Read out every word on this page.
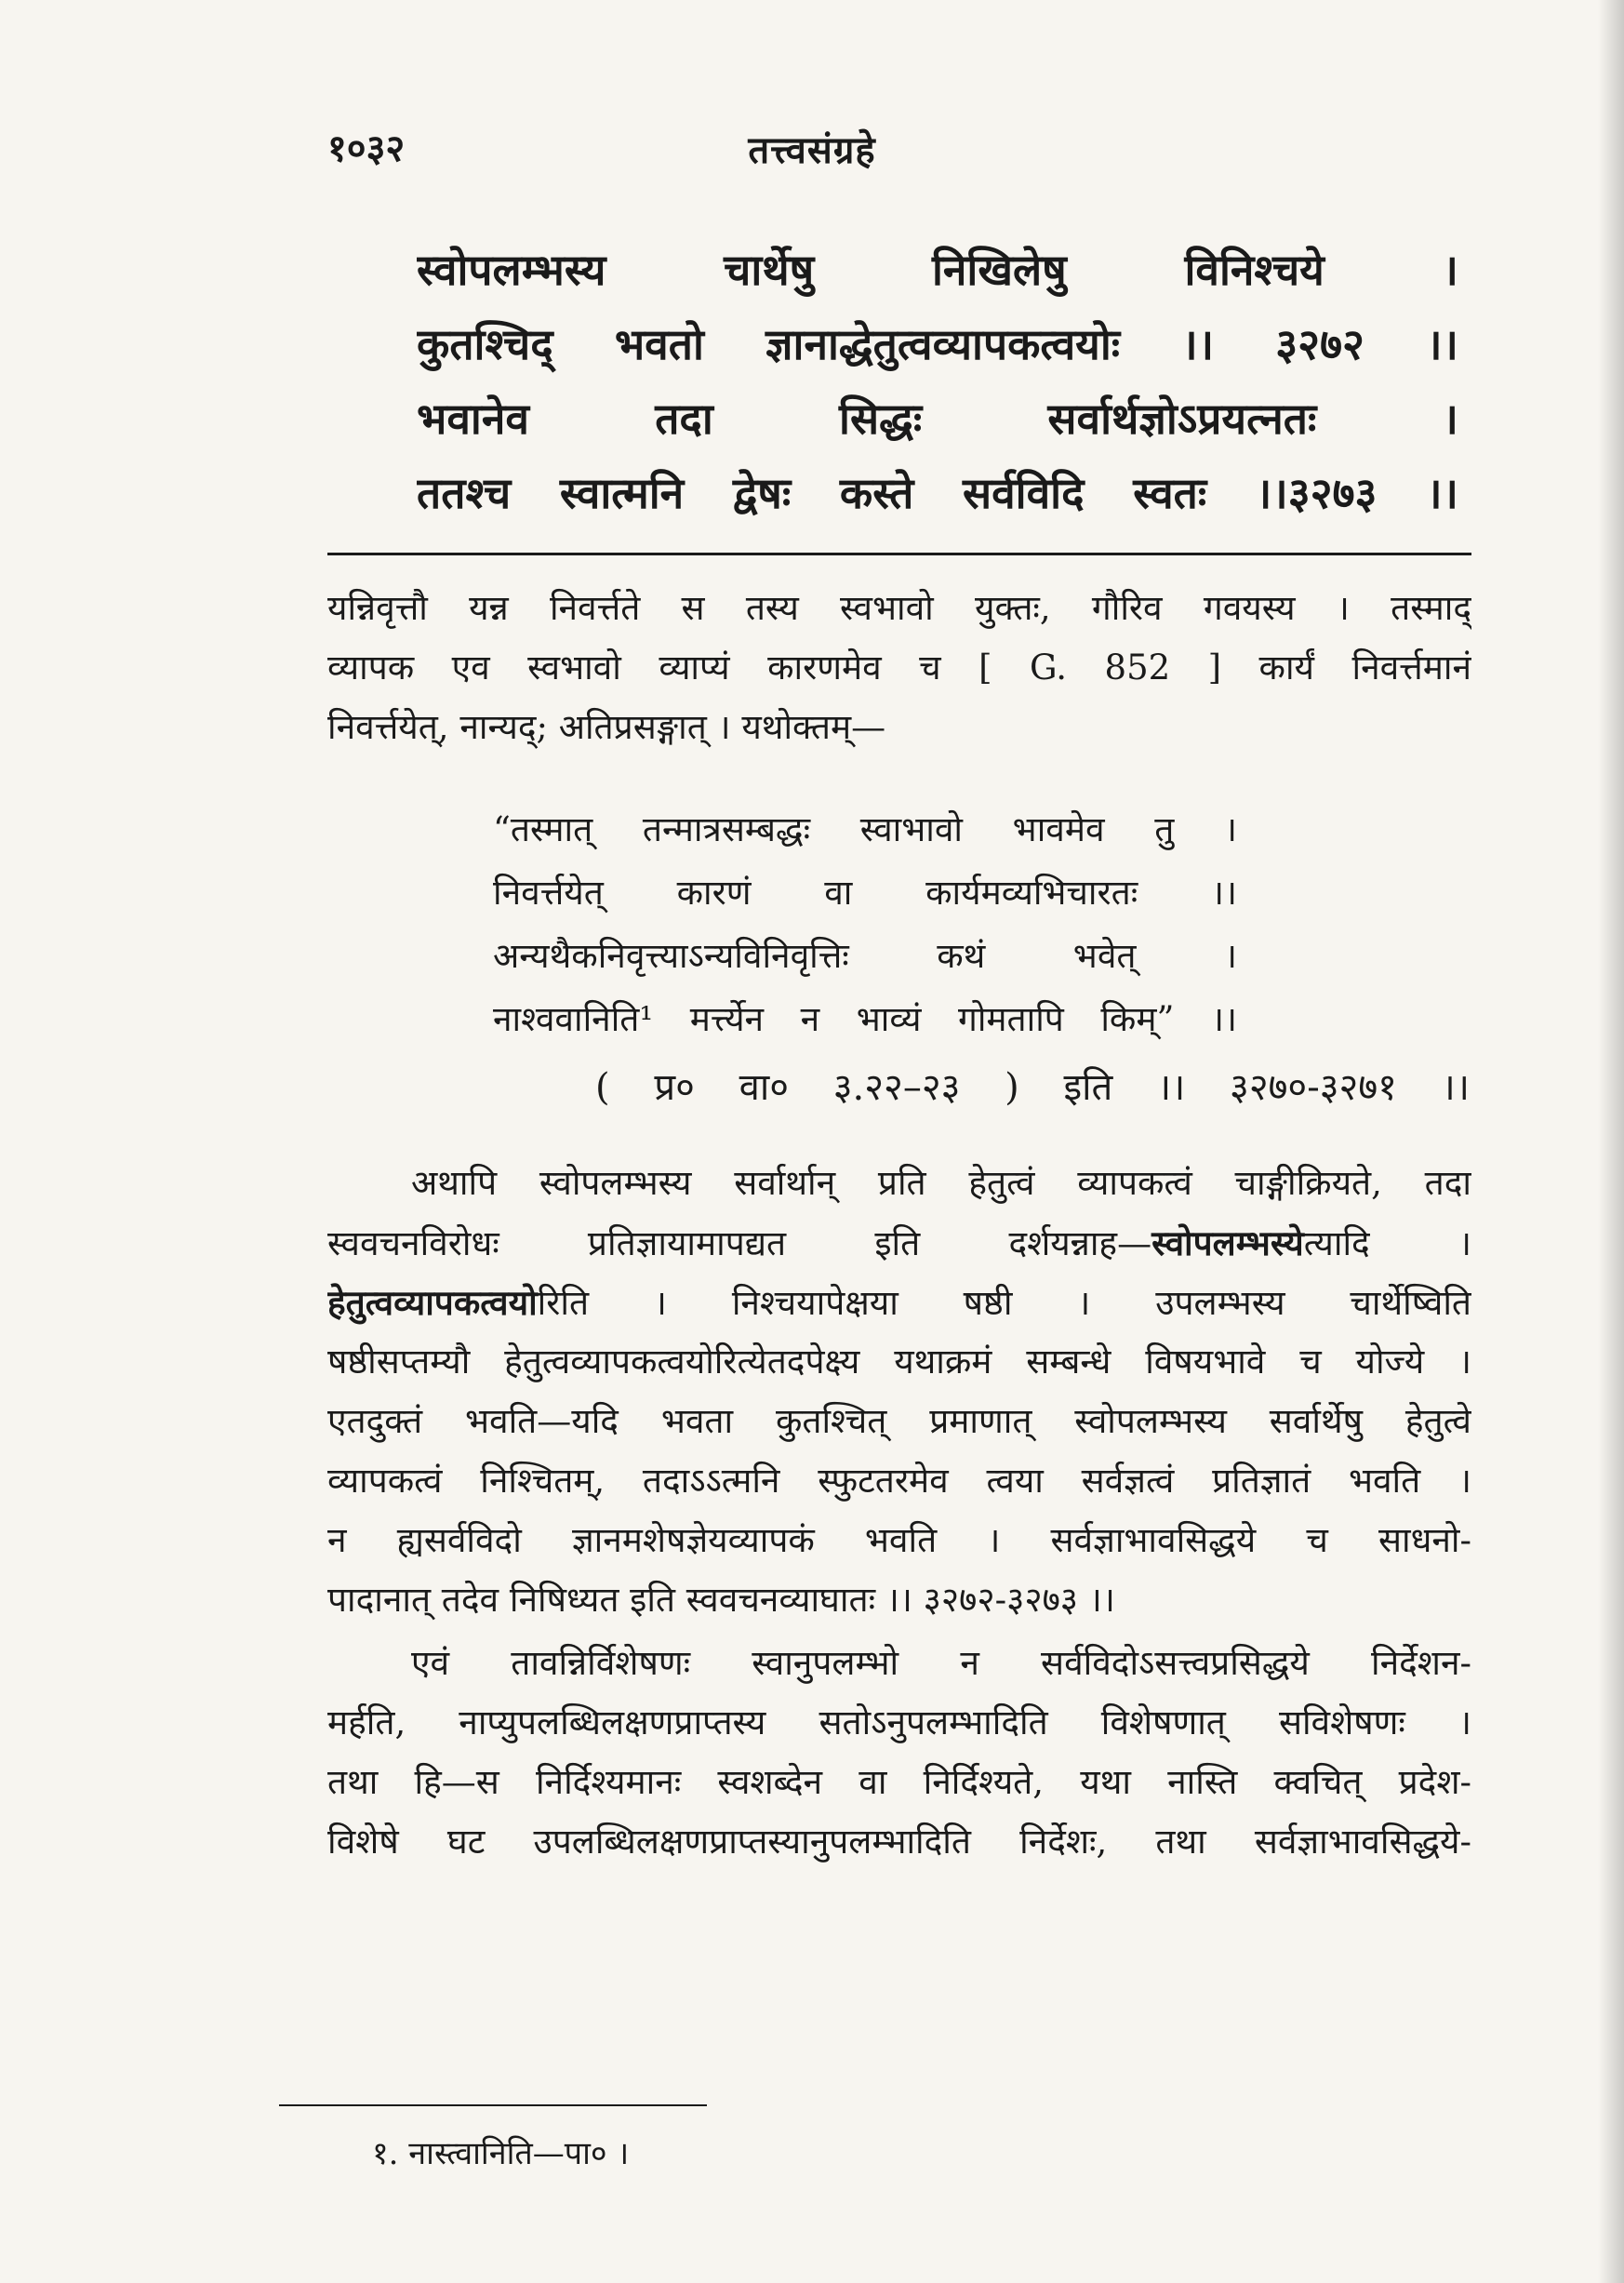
१०३२	तत्त्वसंग्रहे
स्वोपलम्भस्य चार्थेषु निखिलेषु विनिश्चये ।
कुतश्चिद् भवतो ज्ञानाद्धेतुत्वव्यापकत्वयोः ।। ३२७२ ।।
भवानेव तदा सिद्धः सर्वार्थज्ञोऽप्रयत्नतः ।
ततश्च स्वात्मनि द्वेषः कस्ते सर्वविदि स्वतः ।।३२७३ ।।
यन्निवृत्तौ यन्न निवर्त्तते स तस्य स्वभावो युक्तः, गौरिव गवयस्य । तस्माद्
व्यापक एव स्वभावो व्याप्यं कारणमेव च [ G. 852 ] कार्यं निवर्त्तमानं
निवर्त्तयेत्, नान्यद्; अतिप्रसङ्गात् । यथोक्तम्—
“तस्मात् तन्मात्रसम्बद्धः स्वाभावो भावमेव तु ।
निवर्त्तयेत् कारणं वा कार्यमव्यभिचारतः ।।
अन्यथैकनिवृत्त्याऽन्यविनिवृत्तिः कथं भवेत् ।
नाश्ववानिति¹ मर्त्त्येन न भाव्यं गोमतापि किम्” ।।
( प्र० वा० ३.२२–२३ ) इति ।। ३२७०-३२७१ ।।
अथापि स्वोपलम्भस्य सर्वार्थान् प्रति हेतुत्वं व्यापकत्वं चाङ्गीक्रियते, तदा
स्ववचनविरोधः प्रतिज्ञायामापद्यत इति दर्शयन्नाह—स्वोपलम्भस्येत्यादि ।
हेतुत्वव्यापकत्वयोरिति । निश्चयापेक्षया षष्ठी । उपलम्भस्य चार्थेष्विति
षष्ठीसप्तम्यौ हेतुत्वव्यापकत्वयोरित्येतदपेक्ष्य यथाक्रमं सम्बन्धे विषयभावे च योज्ये ।
एतदुक्तं भवति—यदि भवता कुतश्चित् प्रमाणात् स्वोपलम्भस्य सर्वार्थेषु हेतुत्वे
व्यापकत्वं निश्चितम्, तदाऽऽत्मनि स्फुटतरमेव त्वया सर्वज्ञत्वं प्रतिज्ञातं भवति ।
न ह्यसर्वविदो ज्ञानमशेषज्ञेयव्यापकं भवति । सर्वज्ञाभावसिद्धये च साधनो-
पादानात् तदेव निषिध्यत इति स्ववचनव्याघातः ।। ३२७२-३२७३ ।।
एवं तावन्निर्विशेषणः स्वानुपलम्भो न सर्वविदोऽसत्त्वप्रसिद्धये निर्देशन-
मर्हति, नाप्युपलब्धिलक्षणप्राप्तस्य सतोऽनुपलम्भादिति विशेषणात् सविशेषणः ।
तथा हि—स निर्दिश्यमानः स्वशब्देन वा निर्दिश्यते, यथा नास्ति क्वचित् प्रदेश-
विशेषे घट उपलब्धिलक्षणप्राप्तस्यानुपलम्भादिति निर्देशः, तथा सर्वज्ञाभावसिद्धये-
१. नास्त्वानिति—पा० ।
